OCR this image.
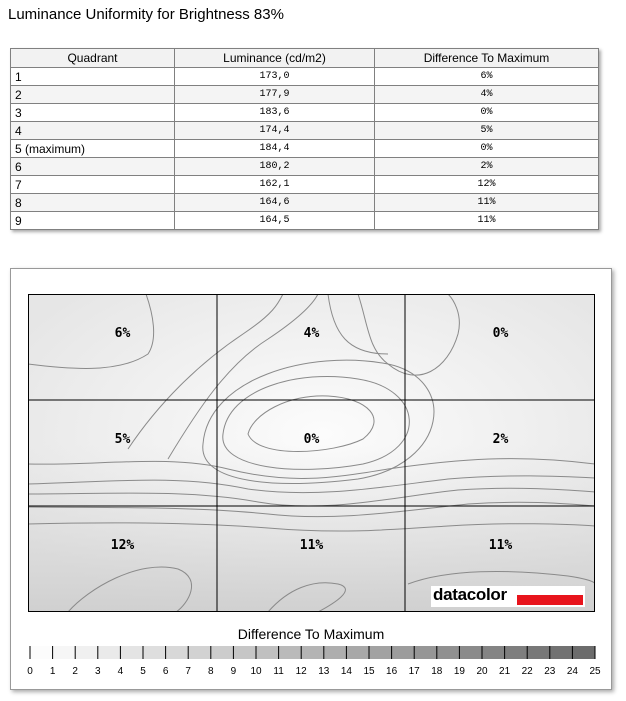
Luminance Uniformity for Brightness 83%
Quadrant	Luminance (cd/m2)	Difference To Maximum
1	173,0	6%
2	177,9	4%
3	183,6	0%
4	174,4	5%
5 (maximum)	184,4	0%
6	180,2	2%
7	162,1	12%
8	164,6	11%
9	164,5	11%
6%	4%	0%
5%	0%	2%
12%	11%	11%
datacolor
Difference To Maximum
0 1 2 3 4 5 6 7 8 9 10 11 12 13 14 15 16 17 18 19 20 21 22 23 24 25
